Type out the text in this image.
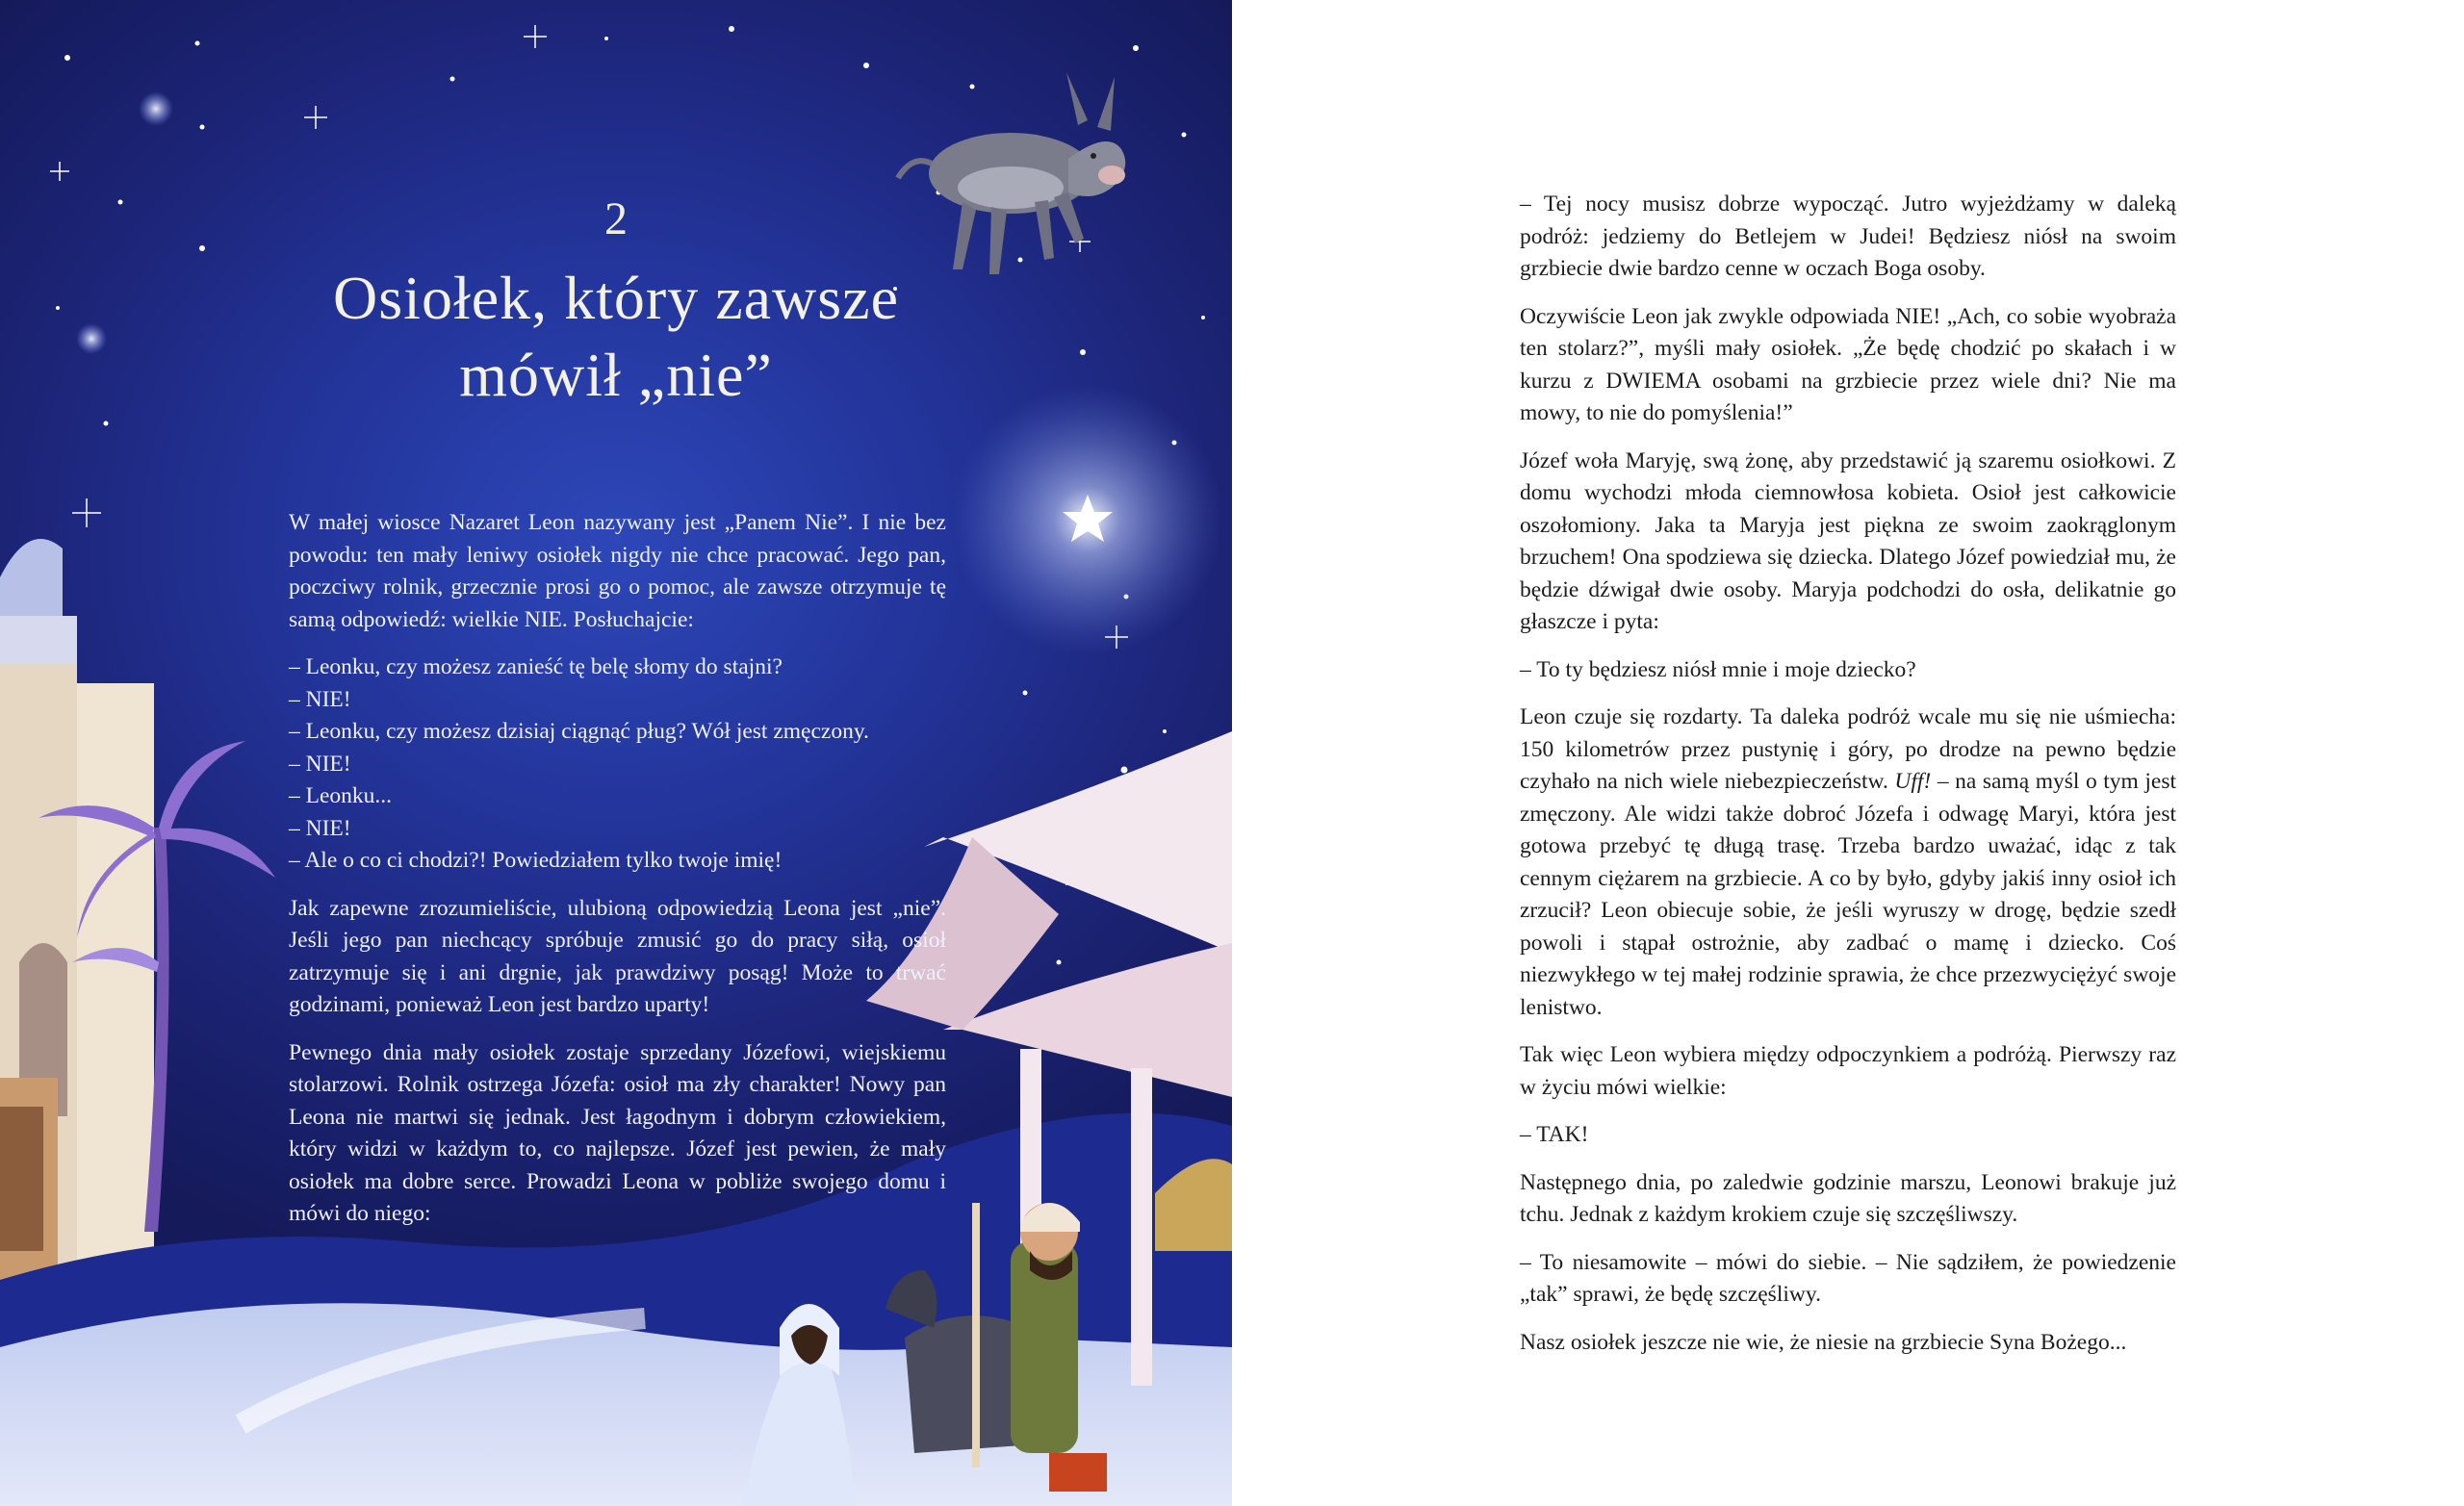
2
Osiołek, który zawsze
mówił „nie”

W małej wiosce Nazaret Leon nazywany jest „Panem Nie”. I nie bez powodu: ten mały leniwy osiołek nigdy nie chce pracować. Jego pan, poczciwy rolnik, grzecznie prosi go o pomoc, ale zawsze otrzymuje tę samą odpowiedź: wielkie NIE. Posłuchajcie:

– Leonku, czy możesz zanieść tę belę słomy do stajni?
– NIE!
– Leonku, czy możesz dzisiaj ciągnąć pług? Wół jest zmęczony.
– NIE!
– Leonku...
– NIE!
– Ale o co ci chodzi?! Powiedziałem tylko twoje imię!

Jak zapewne zrozumieliście, ulubioną odpowiedzią Leona jest „nie”. Jeśli jego pan niechcący spróbuje zmusić go do pracy siłą, osioł zatrzymuje się i ani drgnie, jak prawdziwy posąg! Może to trwać godzinami, ponieważ Leon jest bardzo uparty!

Pewnego dnia mały osiołek zostaje sprzedany Józefowi, wiejskiemu stolarzowi. Rolnik ostrzega Józefa: osioł ma zły charakter! Nowy pan Leona nie martwi się jednak. Jest łagodnym i dobrym człowiekiem, który widzi w każdym to, co najlepsze. Józef jest pewien, że mały osiołek ma dobre serce. Prowadzi Leona w pobliże swojego domu i mówi do niego:

– Tej nocy musisz dobrze wypocząć. Jutro wyjeżdżamy w daleką podróż: jedziemy do Betlejem w Judei! Będziesz niósł na swoim grzbiecie dwie bardzo cenne w oczach Boga osoby.

Oczywiście Leon jak zwykle odpowiada NIE! „Ach, co sobie wyobraża ten stolarz?”, myśli mały osiołek. „Że będę chodzić po skałach i w kurzu z DWIEMA osobami na grzbiecie przez wiele dni? Nie ma mowy, to nie do pomyślenia!”

Józef woła Maryję, swą żonę, aby przedstawić ją szaremu osiołkowi. Z domu wychodzi młoda ciemnowłosa kobieta. Osioł jest całkowicie oszołomiony. Jaka ta Maryja jest piękna ze swoim zaokrąglonym brzuchem! Ona spodziewa się dziecka. Dlatego Józef powiedział mu, że będzie dźwigał dwie osoby. Maryja podchodzi do osła, delikatnie go głaszcze i pyta:

– To ty będziesz niósł mnie i moje dziecko?

Leon czuje się rozdarty. Ta daleka podróż wcale mu się nie uśmiecha: 150 kilometrów przez pustynię i góry, po drodze na pewno będzie czyhało na nich wiele niebezpieczeństw. Uff! – na samą myśl o tym jest zmęczony. Ale widzi także dobroć Józefa i odwagę Maryi, która jest gotowa przebyć tę długą trasę. Trzeba bardzo uważać, idąc z tak cennym ciężarem na grzbiecie. A co by było, gdyby jakiś inny osioł ich zrzucił? Leon obiecuje sobie, że jeśli wyruszy w drogę, będzie szedł powoli i stąpał ostrożnie, aby zadbać o mamę i dziecko. Coś niezwykłego w tej małej rodzinie sprawia, że chce przezwyciężyć swoje lenistwo.

Tak więc Leon wybiera między odpoczynkiem a podróżą. Pierwszy raz w życiu mówi wielkie:

– TAK!

Następnego dnia, po zaledwie godzinie marszu, Leonowi brakuje już tchu. Jednak z każdym krokiem czuje się szczęśliwszy.

– To niesamowite – mówi do siebie. – Nie sądziłem, że powiedzenie „tak” sprawi, że będę szczęśliwy.

Nasz osiołek jeszcze nie wie, że niesie na grzbiecie Syna Bożego...
